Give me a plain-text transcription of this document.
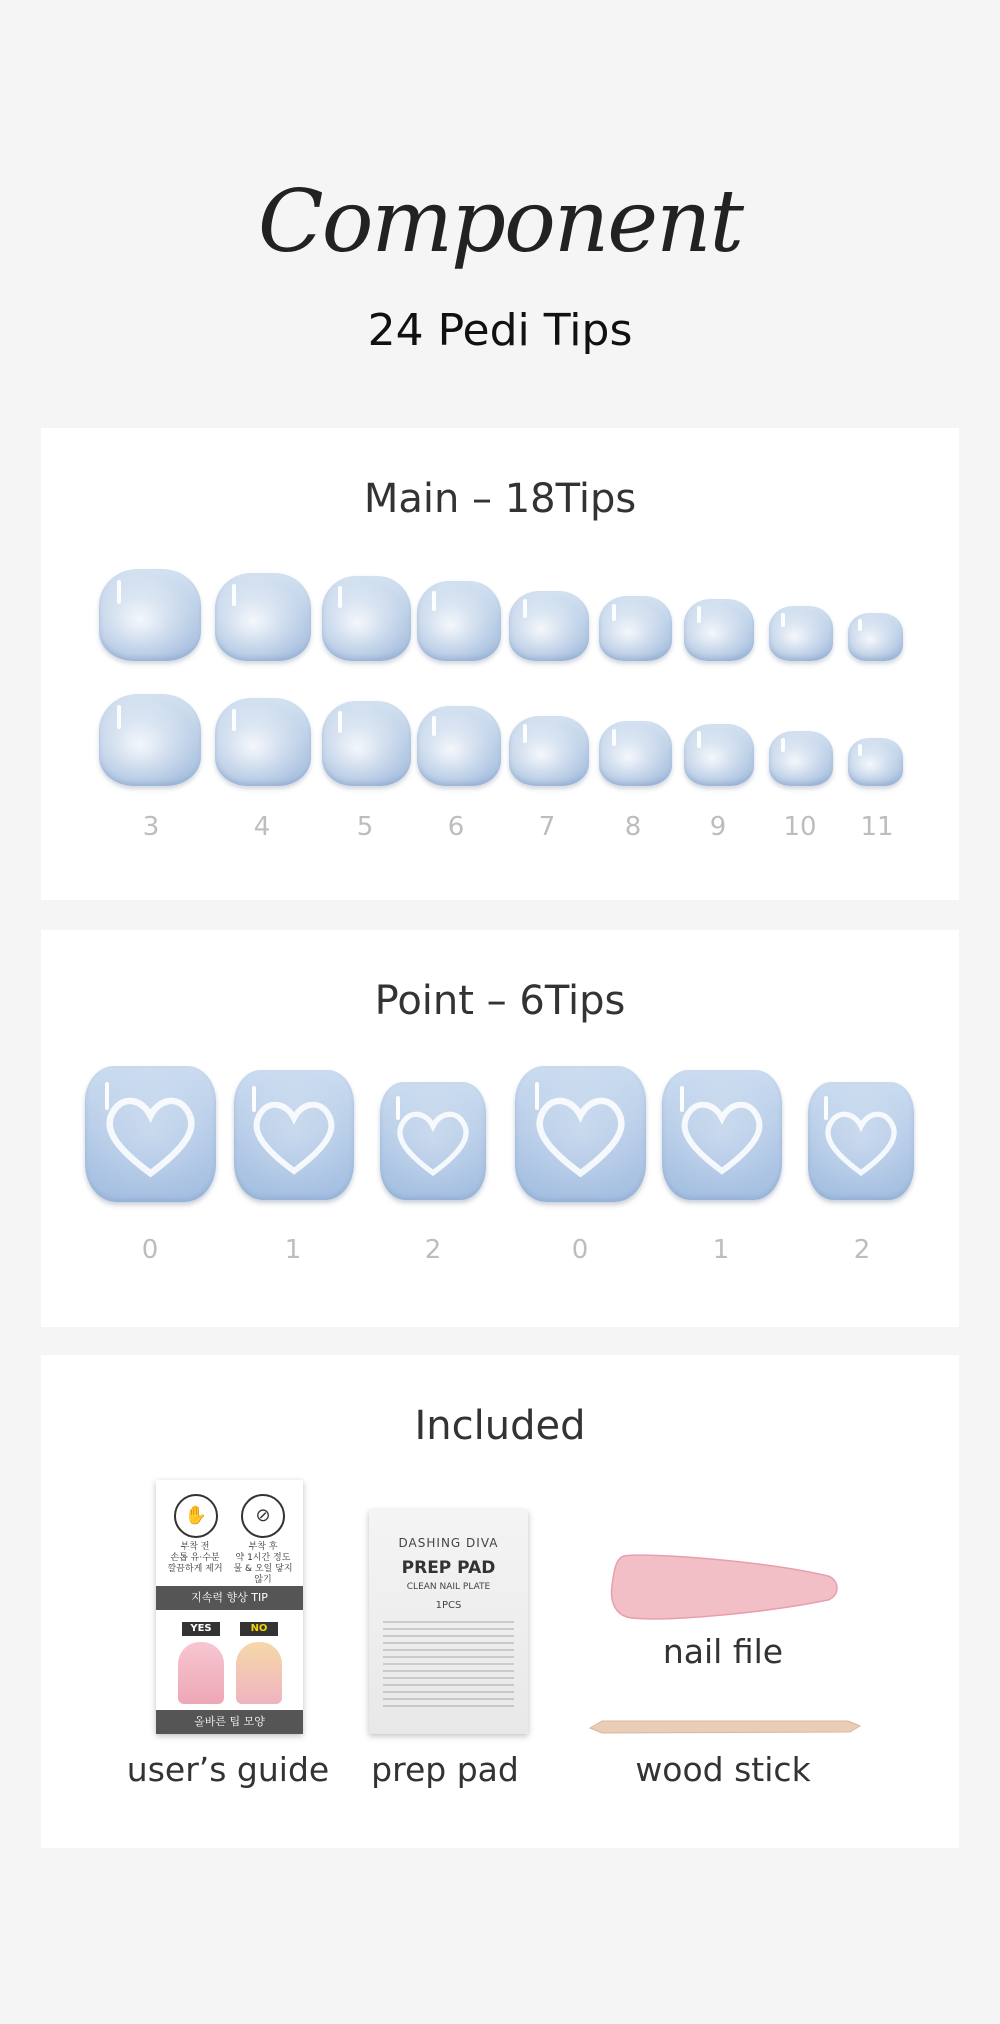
Component
24 Pedi Tips
Main – 18Tips
3	4	5	6	7	8	9	10	11
Point – 6Tips
0	1	2	0	1	2
Included
✋	⊘
부착 전
손톱 유·수분
깔끔하게 제거
부착 후
약 1시간 정도
물 & 오일 닿지 않기
지속력 향상 TIP
YES	NO
올바른 팁 모양
DASHING DIVA
PREP PAD
CLEAN NAIL PLATE
1PCS
user’s guide	prep pad
nail file
wood stick
